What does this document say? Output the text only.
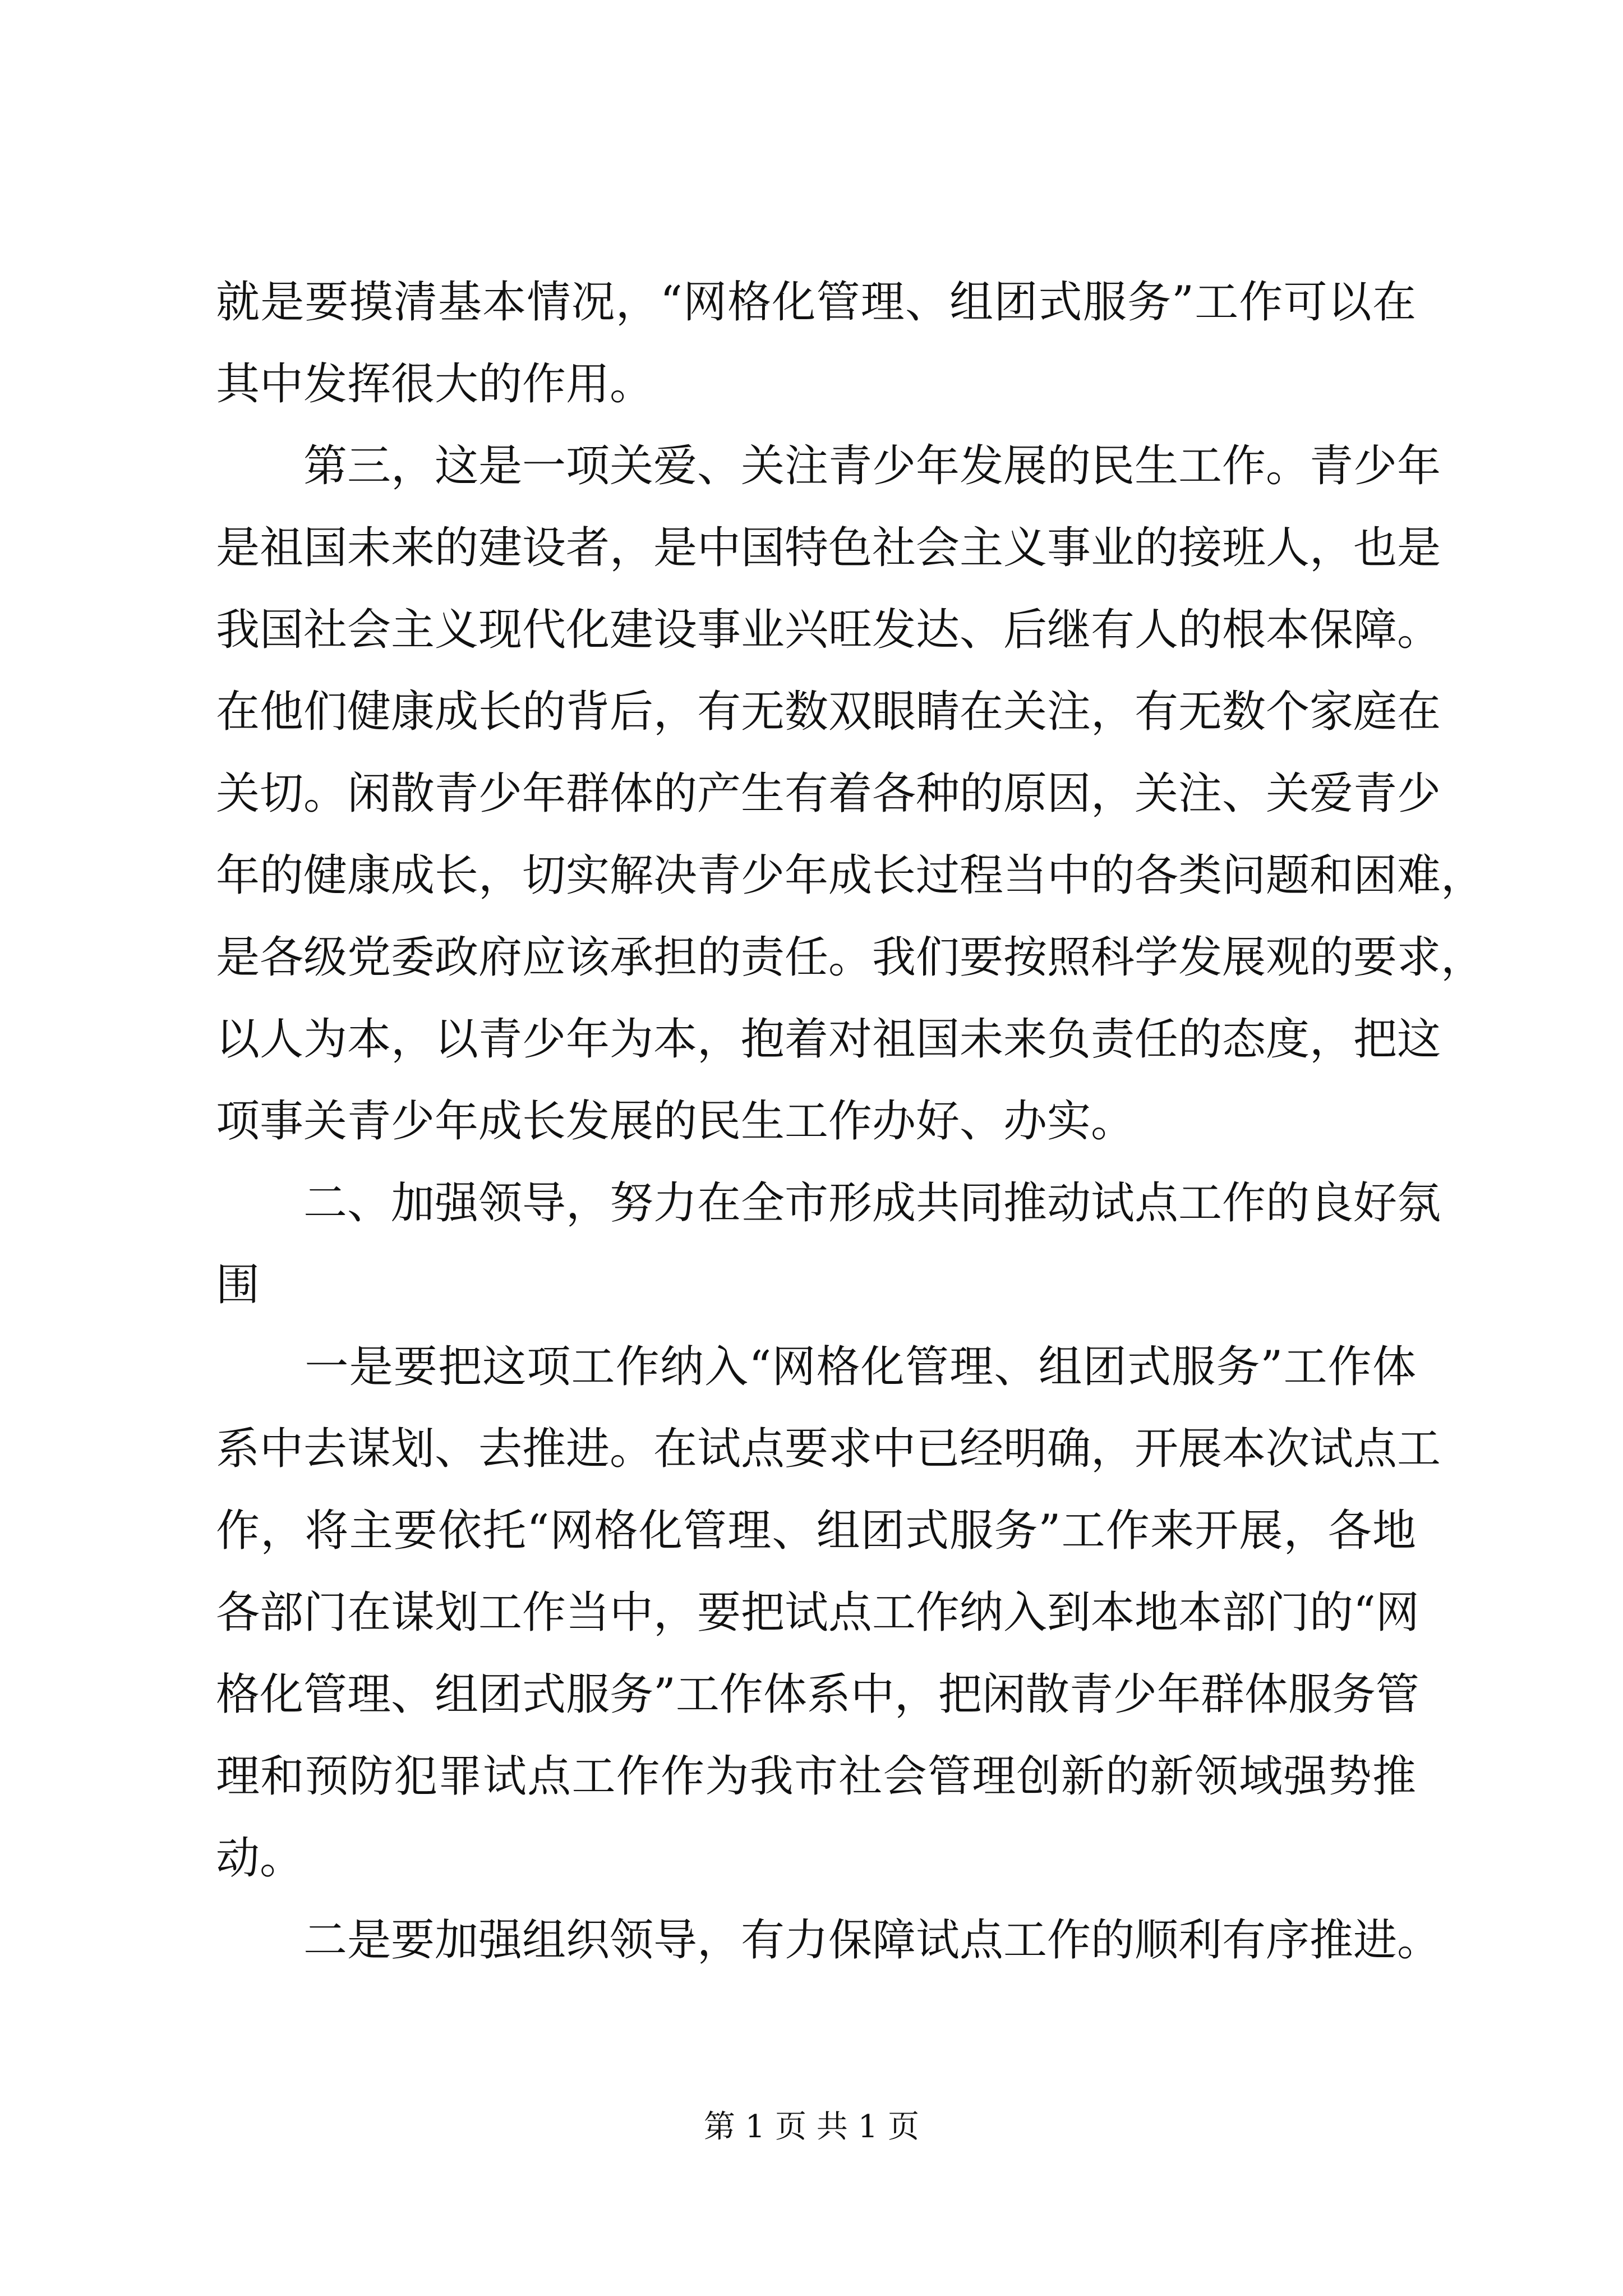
就是要摸清基本情况，“网格化管理、组团式服务”工作可以在
其中发挥很大的作用。
　　第三，这是一项关爱、关注青少年发展的民生工作。青少年
是祖国未来的建设者，是中国特色社会主义事业的接班人，也是
我国社会主义现代化建设事业兴旺发达、后继有人的根本保障。
在他们健康成长的背后，有无数双眼睛在关注，有无数个家庭在
关切。闲散青少年群体的产生有着各种的原因，关注、关爱青少
年的健康成长，切实解决青少年成长过程当中的各类问题和困难，
是各级党委政府应该承担的责任。我们要按照科学发展观的要求，
以人为本，以青少年为本，抱着对祖国未来负责任的态度，把这
项事关青少年成长发展的民生工作办好、办实。
　　二、加强领导，努力在全市形成共同推动试点工作的良好氛
围
　　一是要把这项工作纳入“网格化管理、组团式服务”工作体
系中去谋划、去推进。在试点要求中已经明确，开展本次试点工
作，将主要依托“网格化管理、组团式服务”工作来开展，各地
各部门在谋划工作当中，要把试点工作纳入到本地本部门的“网
格化管理、组团式服务”工作体系中，把闲散青少年群体服务管
理和预防犯罪试点工作作为我市社会管理创新的新领域强势推
动。
　　二是要加强组织领导，有力保障试点工作的顺利有序推进。
第 1 页 共 1 页
